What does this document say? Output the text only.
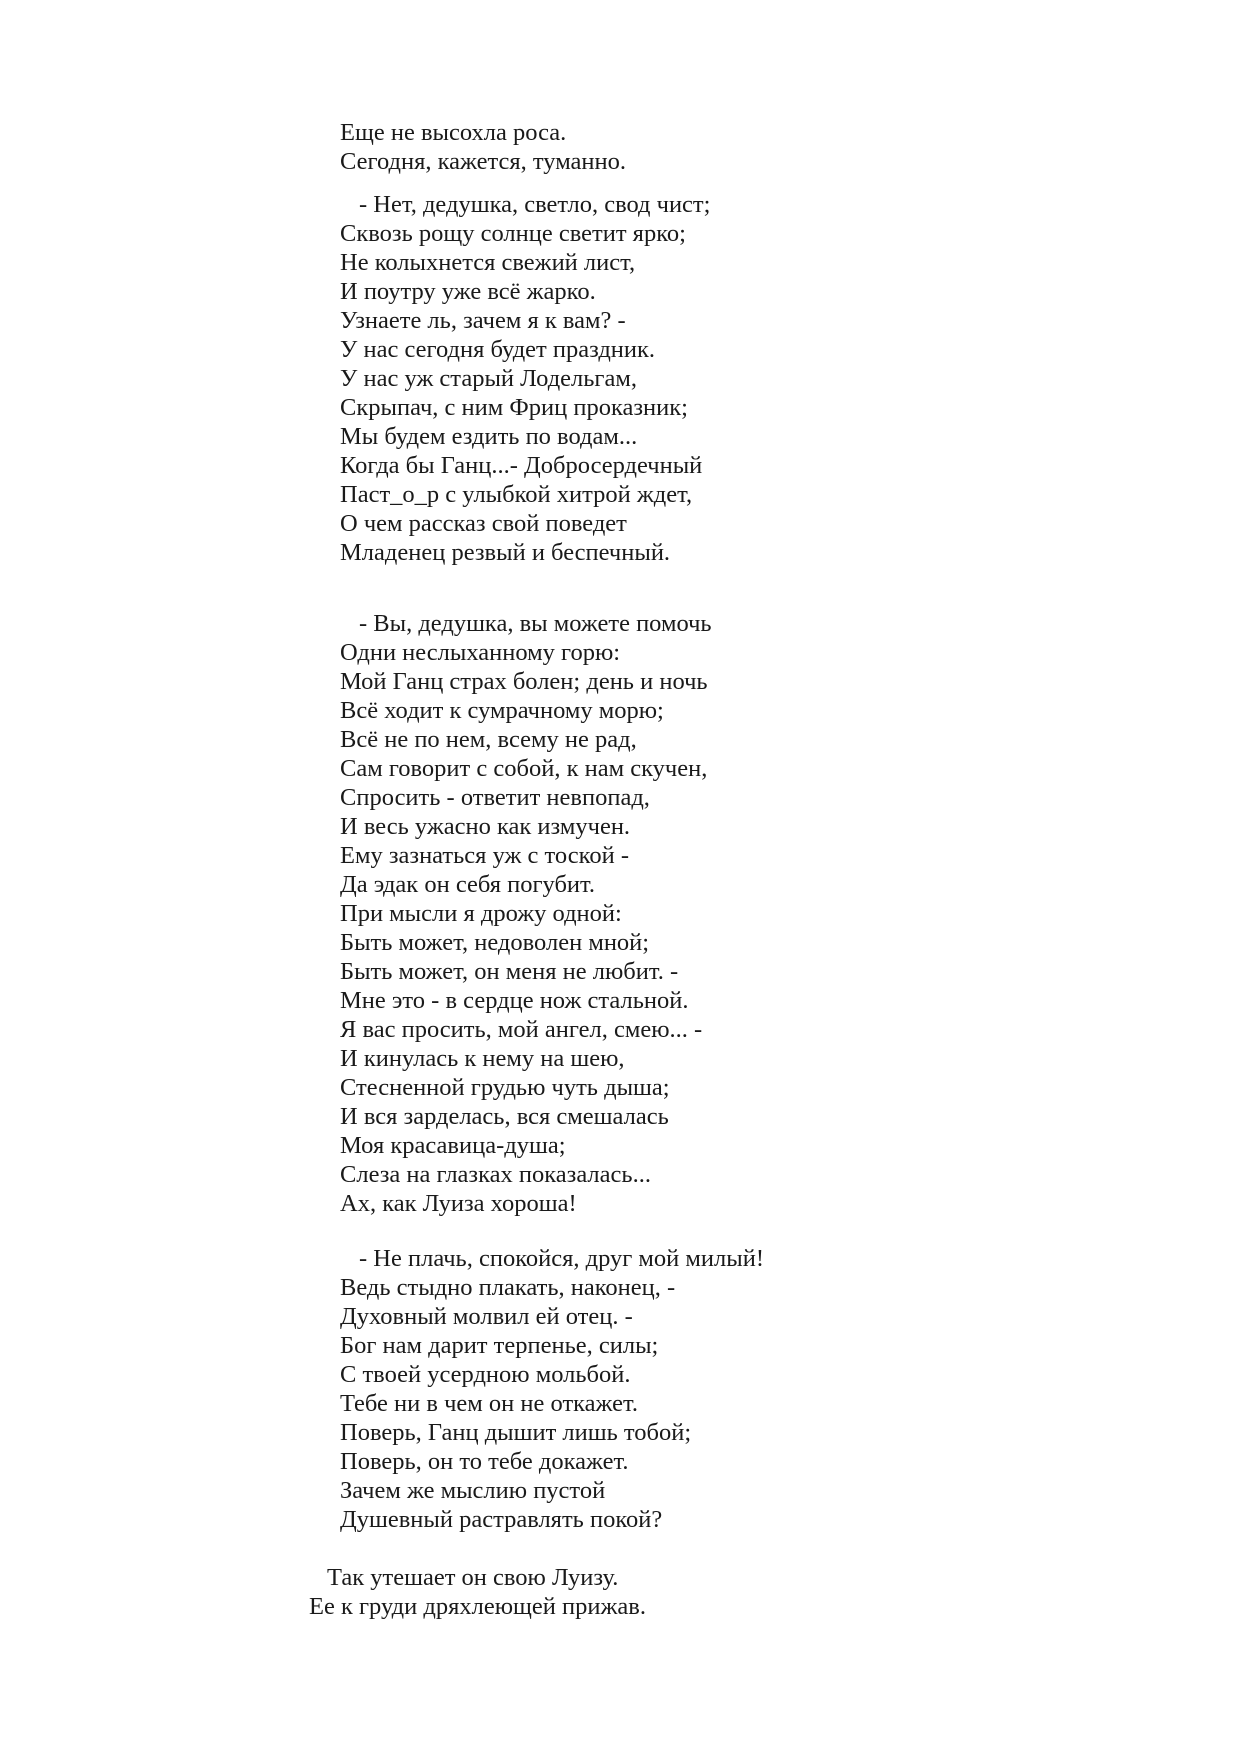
Еще не высохла роса.
Сегодня, кажется, туманно.
- Нет, дедушка, светло, свод чист;
Сквозь рощу солнце светит ярко;
Не колыхнется свежий лист,
И поутру уже всё жарко.
Узнаете ль, зачем я к вам? -
У нас сегодня будет праздник.
У нас уж старый Лодельгам,
Скрыпач, с ним Фриц проказник;
Мы будем ездить по водам...
Когда бы Ганц...- Добросердечный
Паст_о_р с улыбкой хитрой ждет,
О чем рассказ свой поведет
Младенец резвый и беспечный.
- Вы, дедушка, вы можете помочь
Одни неслыханному горю:
Мой Ганц страх болен; день и ночь
Всё ходит к сумрачному морю;
Всё не по нем, всему не рад,
Сам говорит с собой, к нам скучен,
Спросить - ответит невпопад,
И весь ужасно как измучен.
Ему зазнаться уж с тоской -
Да эдак он себя погубит.
При мысли я дрожу одной:
Быть может, недоволен мной;
Быть может, он меня не любит. -
Мне это - в сердце нож стальной.
Я вас просить, мой ангел, смею... -
И кинулась к нему на шею,
Стесненной грудью чуть дыша;
И вся зарделась, вся смешалась
Моя красавица-душа;
Слеза на глазках показалась...
Ах, как Луиза хороша!
- Не плачь, спокойся, друг мой милый!
Ведь стыдно плакать, наконец, -
Духовный молвил ей отец. -
Бог нам дарит терпенье, силы;
С твоей усердною мольбой.
Тебе ни в чем он не откажет.
Поверь, Ганц дышит лишь тобой;
Поверь, он то тебе докажет.
Зачем же мыслию пустой
Душевный растравлять покой?
Так утешает он свою Луизу.
Ее к груди дряхлеющей прижав.
